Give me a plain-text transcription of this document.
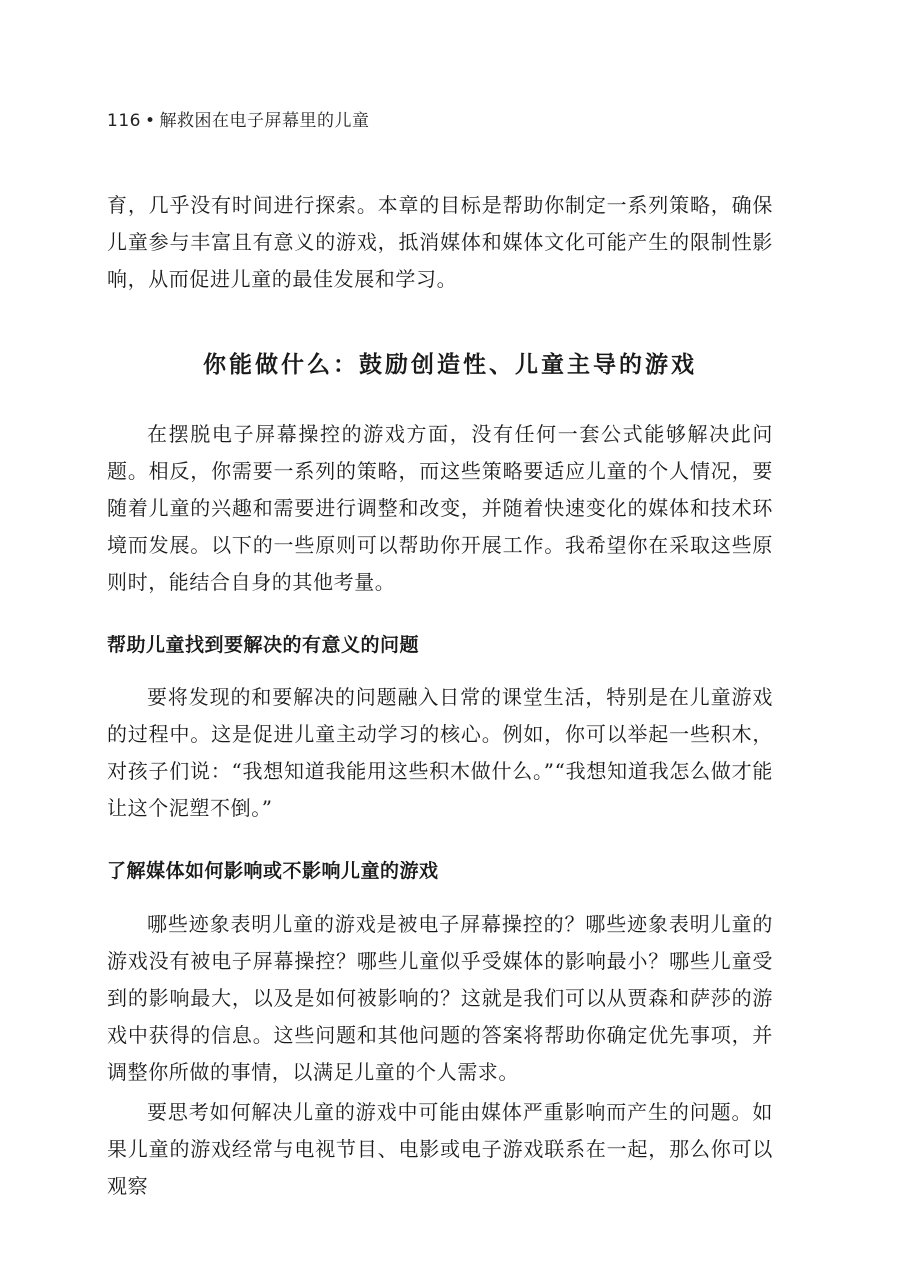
116 • 解救困在电子屏幕里的儿童

育，几乎没有时间进行探索。本章的目标是帮助你制定一系列策略，确保儿童参与丰富且有意义的游戏，抵消媒体和媒体文化可能产生的限制性影响，从而促进儿童的最佳发展和学习。

你能做什么：鼓励创造性、儿童主导的游戏

在摆脱电子屏幕操控的游戏方面，没有任何一套公式能够解决此问题。相反，你需要一系列的策略，而这些策略要适应儿童的个人情况，要随着儿童的兴趣和需要进行调整和改变，并随着快速变化的媒体和技术环境而发展。以下的一些原则可以帮助你开展工作。我希望你在采取这些原则时，能结合自身的其他考量。

帮助儿童找到要解决的有意义的问题

要将发现的和要解决的问题融入日常的课堂生活，特别是在儿童游戏的过程中。这是促进儿童主动学习的核心。例如，你可以举起一些积木，对孩子们说：“我想知道我能用这些积木做什么。”“我想知道我怎么做才能让这个泥塑不倒。”

了解媒体如何影响或不影响儿童的游戏

哪些迹象表明儿童的游戏是被电子屏幕操控的？哪些迹象表明儿童的游戏没有被电子屏幕操控？哪些儿童似乎受媒体的影响最小？哪些儿童受到的影响最大，以及是如何被影响的？这就是我们可以从贾森和萨莎的游戏中获得的信息。这些问题和其他问题的答案将帮助你确定优先事项，并调整你所做的事情，以满足儿童的个人需求。

要思考如何解决儿童的游戏中可能由媒体严重影响而产生的问题。如果儿童的游戏经常与电视节目、电影或电子游戏联系在一起，那么你可以观察
